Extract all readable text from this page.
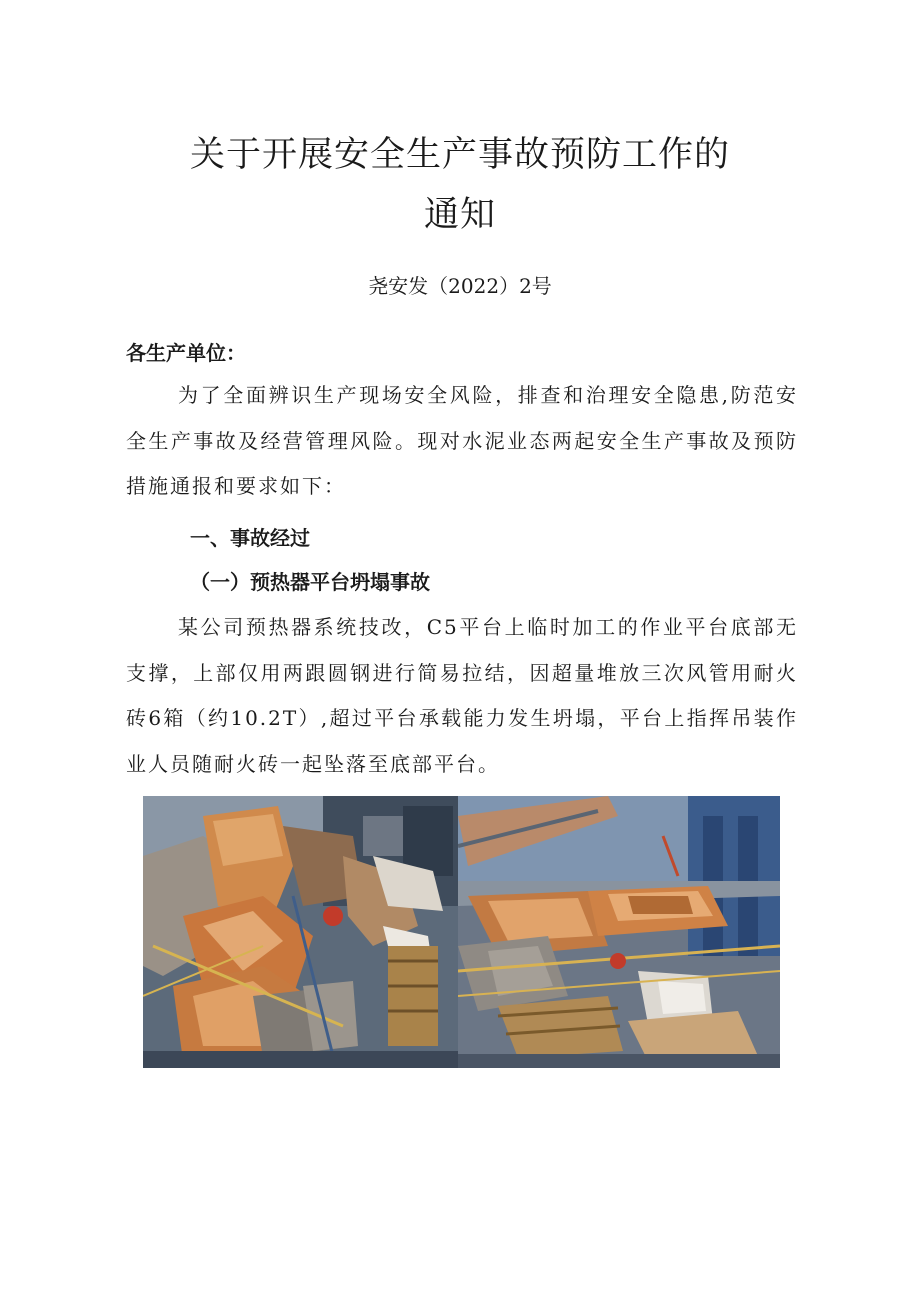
关于开展安全生产事故预防工作的
通知
尧安发（2022）2号
各生产单位：

为了全面辨识生产现场安全风险，排查和治理安全隐患,防范安全生产事故及经营管理风险。现对水泥业态两起安全生产事故及预防措施通报和要求如下：

一、事故经过
（一）预热器平台坍塌事故

某公司预热器系统技改，C5平台上临时加工的作业平台底部无支撑，上部仅用两跟圆钢进行简易拉结，因超量堆放三次风管用耐火砖6箱（约10.2T）,超过平台承载能力发生坍塌，平台上指挥吊装作业人员随耐火砖一起坠落至底部平台。
